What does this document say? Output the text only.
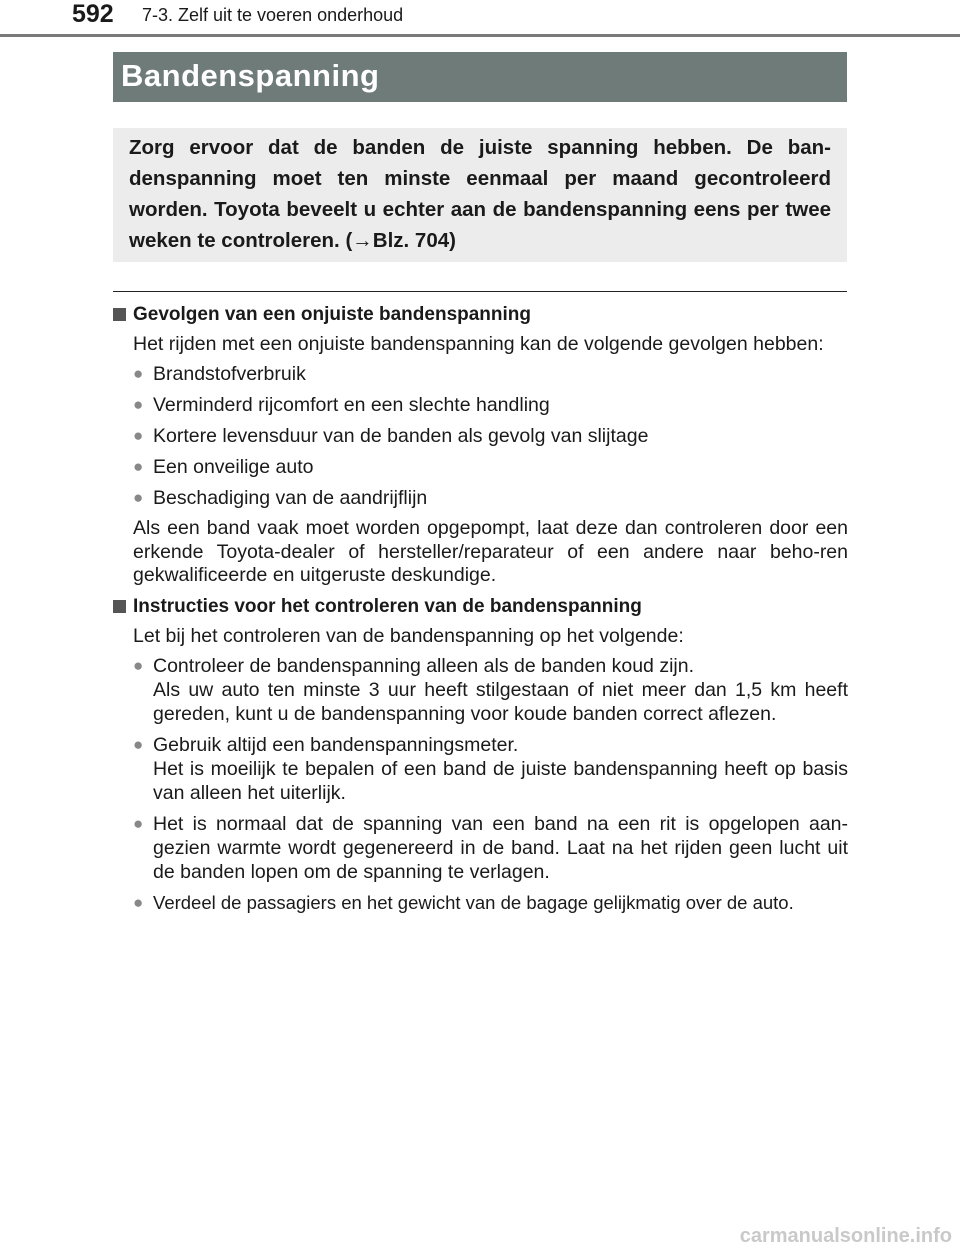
592 7-3. Zelf uit te voeren onderhoud
Bandenspanning

Zorg ervoor dat de banden de juiste spanning hebben. De ban-denspanning moet ten minste eenmaal per maand gecontroleerd worden. Toyota beveelt u echter aan de bandenspanning eens per twee weken te controleren. (→Blz. 704)

Gevolgen van een onjuiste bandenspanning
Het rijden met een onjuiste bandenspanning kan de volgende gevolgen hebben:
● Brandstofverbruik
● Verminderd rijcomfort en een slechte handling
● Kortere levensduur van de banden als gevolg van slijtage
● Een onveilige auto
● Beschadiging van de aandrijflijn
Als een band vaak moet worden opgepompt, laat deze dan controleren door een erkende Toyota-dealer of hersteller/reparateur of een andere naar beho-ren gekwalificeerde en uitgeruste deskundige.
Instructies voor het controleren van de bandenspanning
Let bij het controleren van de bandenspanning op het volgende:
● Controleer de bandenspanning alleen als de banden koud zijn.
Als uw auto ten minste 3 uur heeft stilgestaan of niet meer dan 1,5 km heeft gereden, kunt u de bandenspanning voor koude banden correct aflezen.
● Gebruik altijd een bandenspanningsmeter.
Het is moeilijk te bepalen of een band de juiste bandenspanning heeft op basis van alleen het uiterlijk.
● Het is normaal dat de spanning van een band na een rit is opgelopen aan-gezien warmte wordt gegenereerd in de band. Laat na het rijden geen lucht uit de banden lopen om de spanning te verlagen.
● Verdeel de passagiers en het gewicht van de bagage gelijkmatig over de auto.
carmanualsonline.info
